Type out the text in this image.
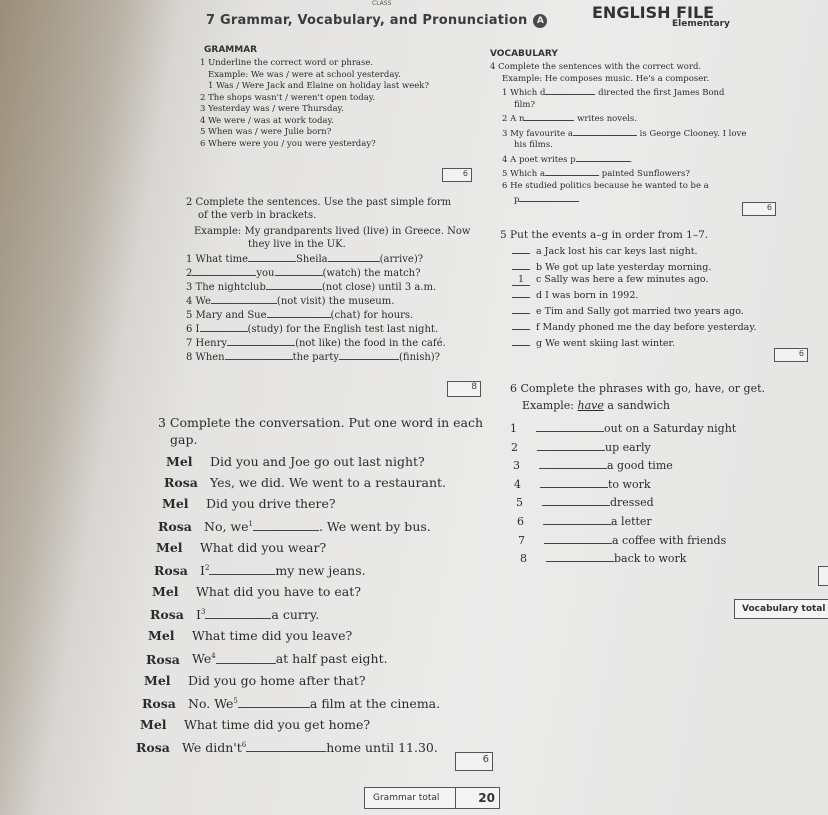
CLASS
7 Grammar, Vocabulary, and Pronunciation A	ENGLISH FILE
Elementary
GRAMMAR
1 Underline the correct word or phrase.
Example: We was / were at school yesterday.
1 Was / Were Jack and Elaine on holiday last week?
2 The shops wasn't / weren't open today.
3 Yesterday was / were Thursday.
4 We were / was at work today.
5 When was / were Julie born?
6 Where were you / you were yesterday?
6
2 Complete the sentences. Use the past simple form
of the verb in brackets.
Example: My grandparents lived (live) in Greece. Now
they live in the UK.
1 What time	Sheila	(arrive)?
2	you	(watch) the match?
3 The nightclub	(not close) until 3 a.m.
4 We	(not visit) the museum.
5 Mary and Sue	(chat) for hours.
6 I	(study) for the English test last night.
7 Henry	(not like) the food in the café.
8 When	the party	(finish)?
8
3 Complete the conversation. Put one word in each
gap.
Mel Did you and Joe go out last night?
Rosa Yes, we did. We went to a restaurant.
Mel Did you drive there?
Rosa No, $we^1$	. We went by bus.
Mel What did you wear?
Rosa $I^2$	my new jeans.
Mel What did you have to eat?
Rosa $I^3$	a curry.
Mel What time did you leave?
Rosa We$^4$	at half past eight.
Mel Did you go home after that?
Rosa No. We$^5$	a film at the cinema.
Mel What time did you get home?
Rosa We $didn't^6$	home until 11.30.
6
Grammar total	20
VOCABULARY
4 Complete the sentences with the correct word.
Example: He composes music. He's a composer.
1 Which d	directed the first James Bond
film?
2 A n	writes novels.
3 My favourite a	is George Clooney. I love
his films.
4 A poet writes p	.
5 Which a	painted Sunflowers?
6 He studied politics because he wanted to be a
p
6
5 Put the events a–g in order from 1–7.
a Jack lost his car keys last night.
b We got up late yesterday morning.
1 c Sally was here a few minutes ago.
d I was born in 1992.
e Tim and Sally got married two years ago.
f Mandy phoned me the day before yesterday.
g We went skiing last winter.
6
6 Complete the phrases with go, have, or get.
Example: have a sandwich
1	out on a Saturday night
2	up early
3	a good time
4	to work
5	dressed
6	a letter
7	a coffee with friends
8	back to work
Vocabulary total
